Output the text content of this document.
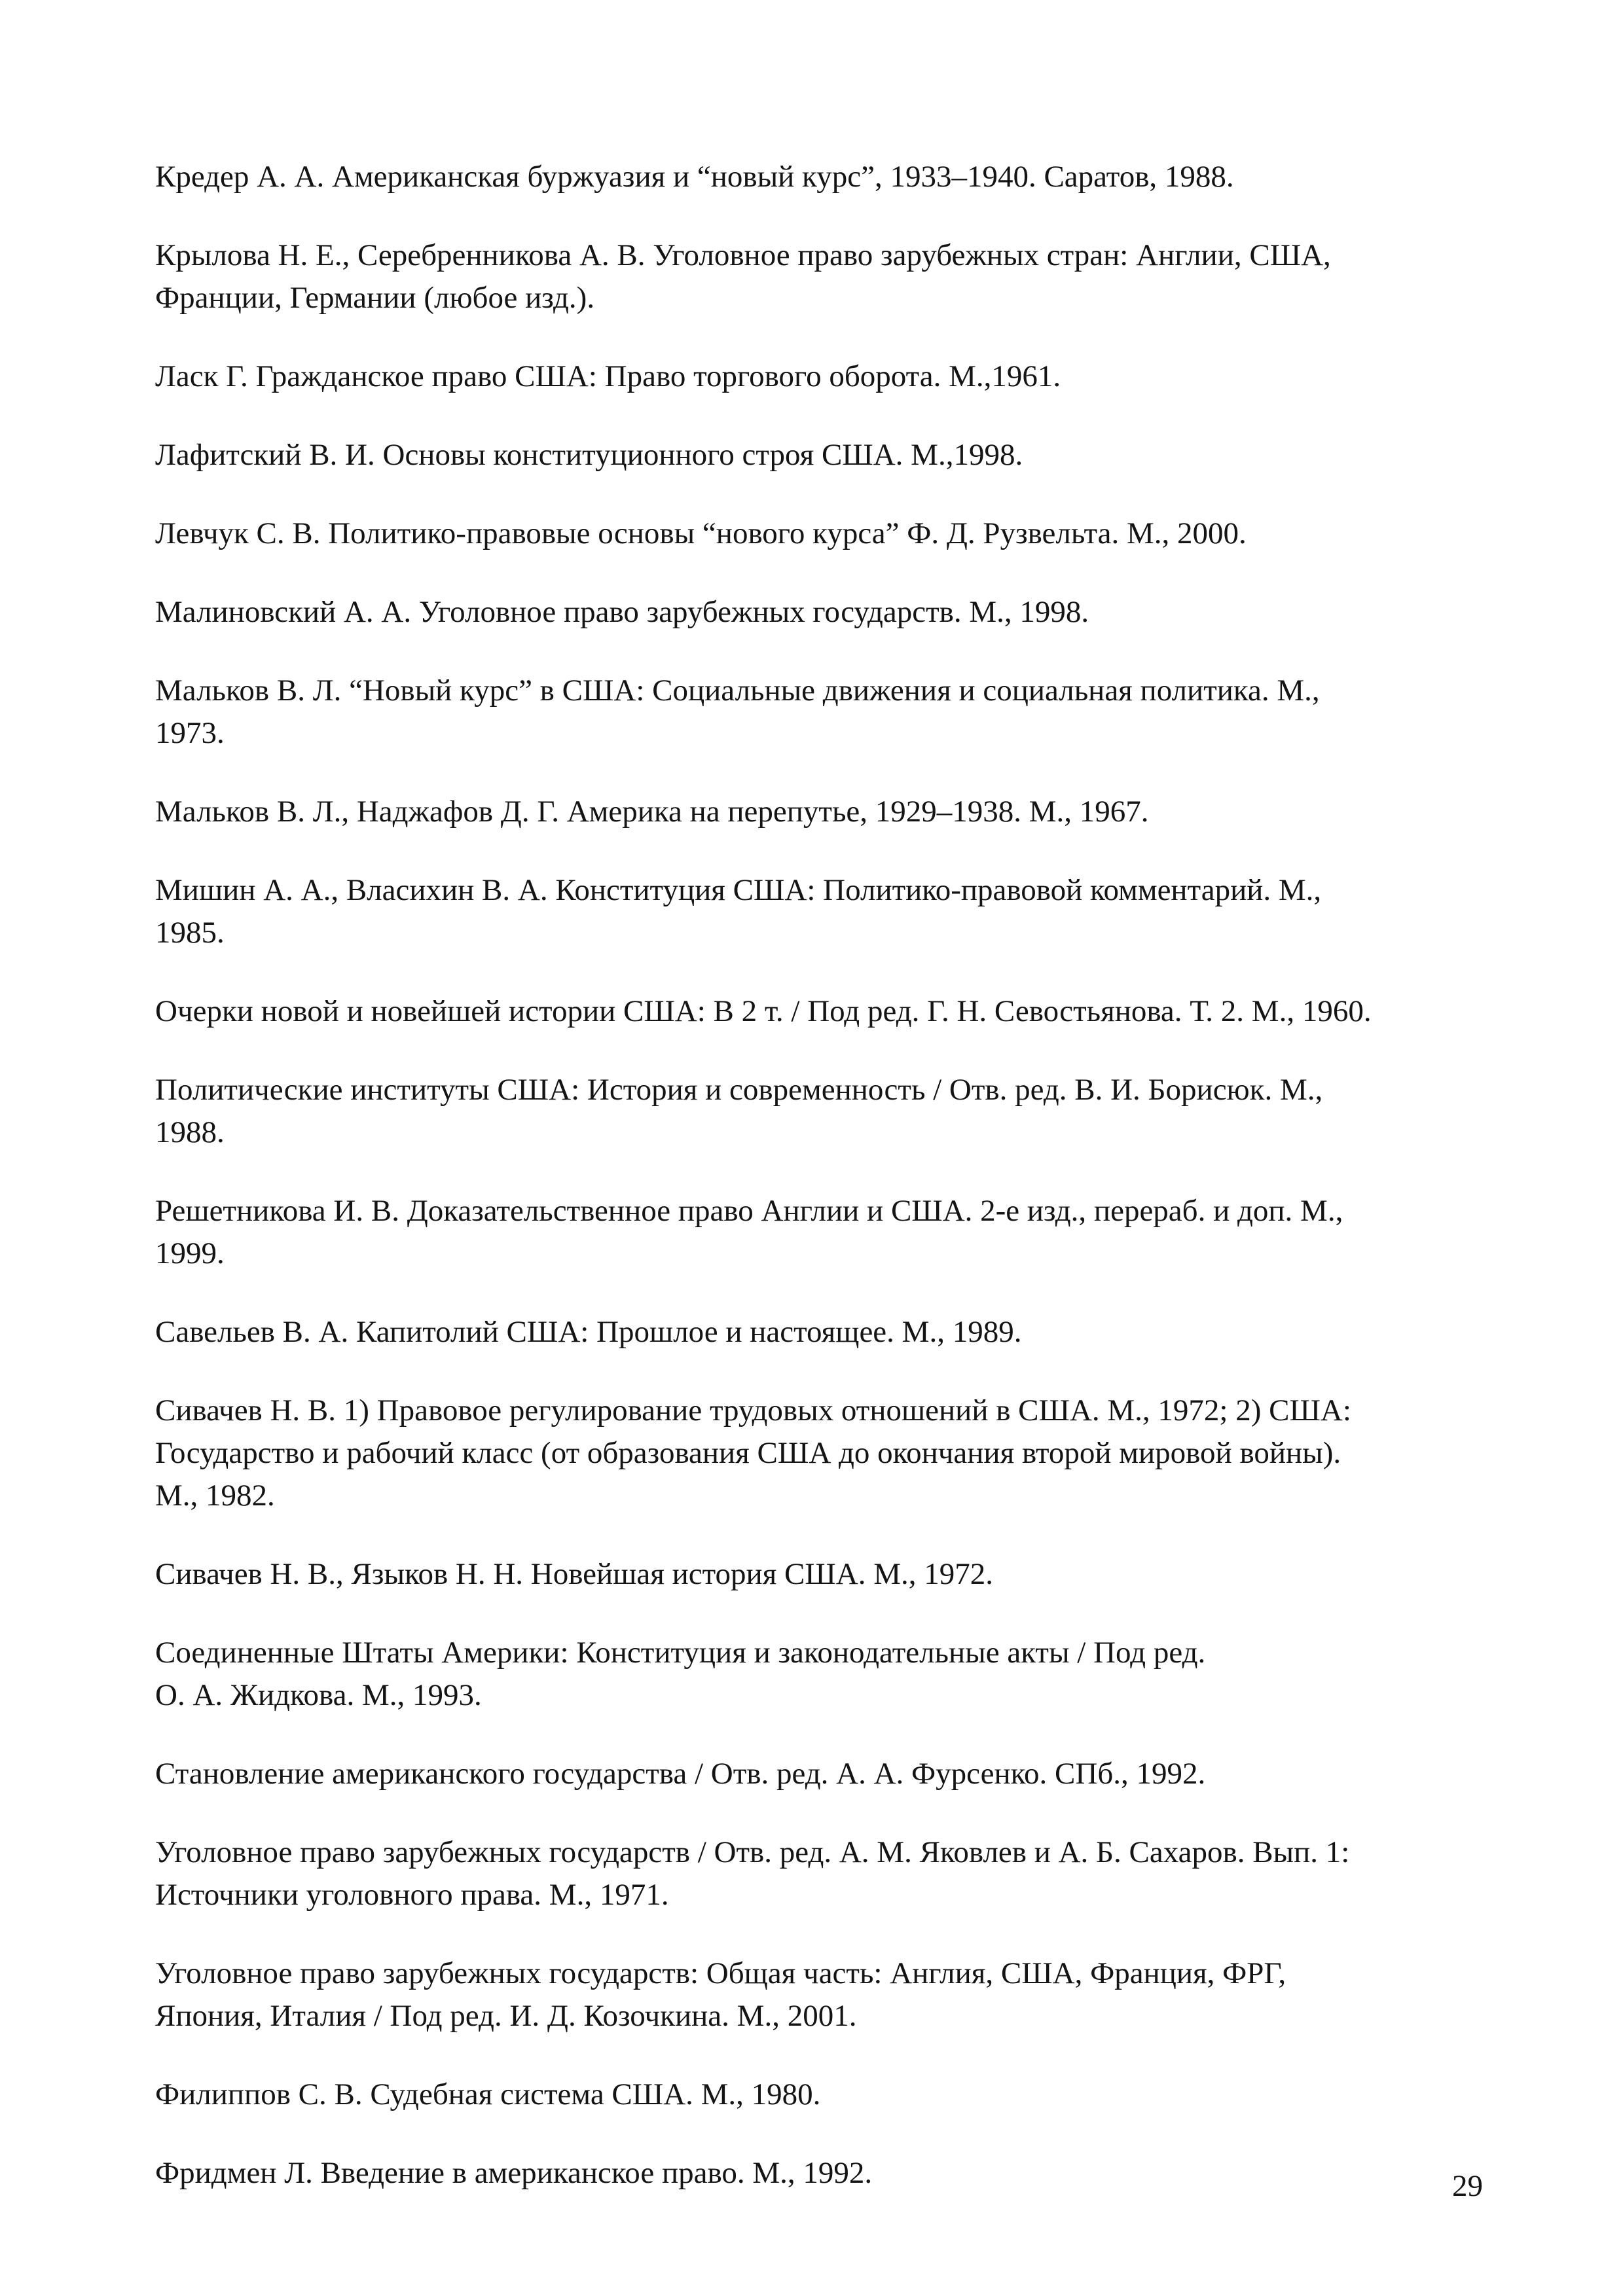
Кредер А. А. Американская буржуазия и “новый курс”, 1933–1940. Саратов, 1988.

Крылова Н. Е., Серебренникова А. В. Уголовное право зарубежных стран: Англии, США,
Франции, Германии (любое изд.).

Ласк Г. Гражданское право США: Право торгового оборота. М.,1961.

Лафитский В. И. Основы конституционного строя США. М.,1998.

Левчук С. В. Политико-правовые основы “нового курса” Ф. Д. Рузвельта. М., 2000.

Малиновский А. А. Уголовное право зарубежных государств. М., 1998.

Мальков В. Л. “Новый курс” в США: Социальные движения и социальная политика. М.,
1973.

Мальков В. Л., Наджафов Д. Г. Америка на перепутье, 1929–1938. М., 1967.

Мишин А. А., Власихин В. А. Конституция США: Политико-правовой комментарий. М.,
1985.

Очерки новой и новейшей истории США: В 2 т. / Под ред. Г. Н. Севостьянова. Т. 2. М., 1960.

Политические институты США: История и современность / Отв. ред. В. И. Борисюк. М.,
1988.

Решетникова И. В. Доказательственное право Англии и США. 2-е изд., перераб. и доп. М.,
1999.

Савельев В. А. Капитолий США: Прошлое и настоящее. М., 1989.

Сивачев Н. В. 1) Правовое регулирование трудовых отношений в США. М., 1972; 2) США:
Государство и рабочий класс (от образования США до окончания второй мировой войны).
М., 1982.

Сивачев Н. В., Языков Н. Н. Новейшая история США. М., 1972.

Соединенные Штаты Америки: Конституция и законодательные акты / Под ред.
О. А. Жидкова. М., 1993.

Становление американского государства / Отв. ред. А. А. Фурсенко. СПб., 1992.

Уголовное право зарубежных государств / Отв. ред. А. М. Яковлев и А. Б. Сахаров. Вып. 1:
Источники уголовного права. М., 1971.

Уголовное право зарубежных государств: Общая часть: Англия, США, Франция, ФРГ,
Япония, Италия / Под ред. И. Д. Козочкина. М., 2001.

Филиппов С. В. Судебная система США. М., 1980.

Фридмен Л. Введение в американское право. М., 1992.	29
